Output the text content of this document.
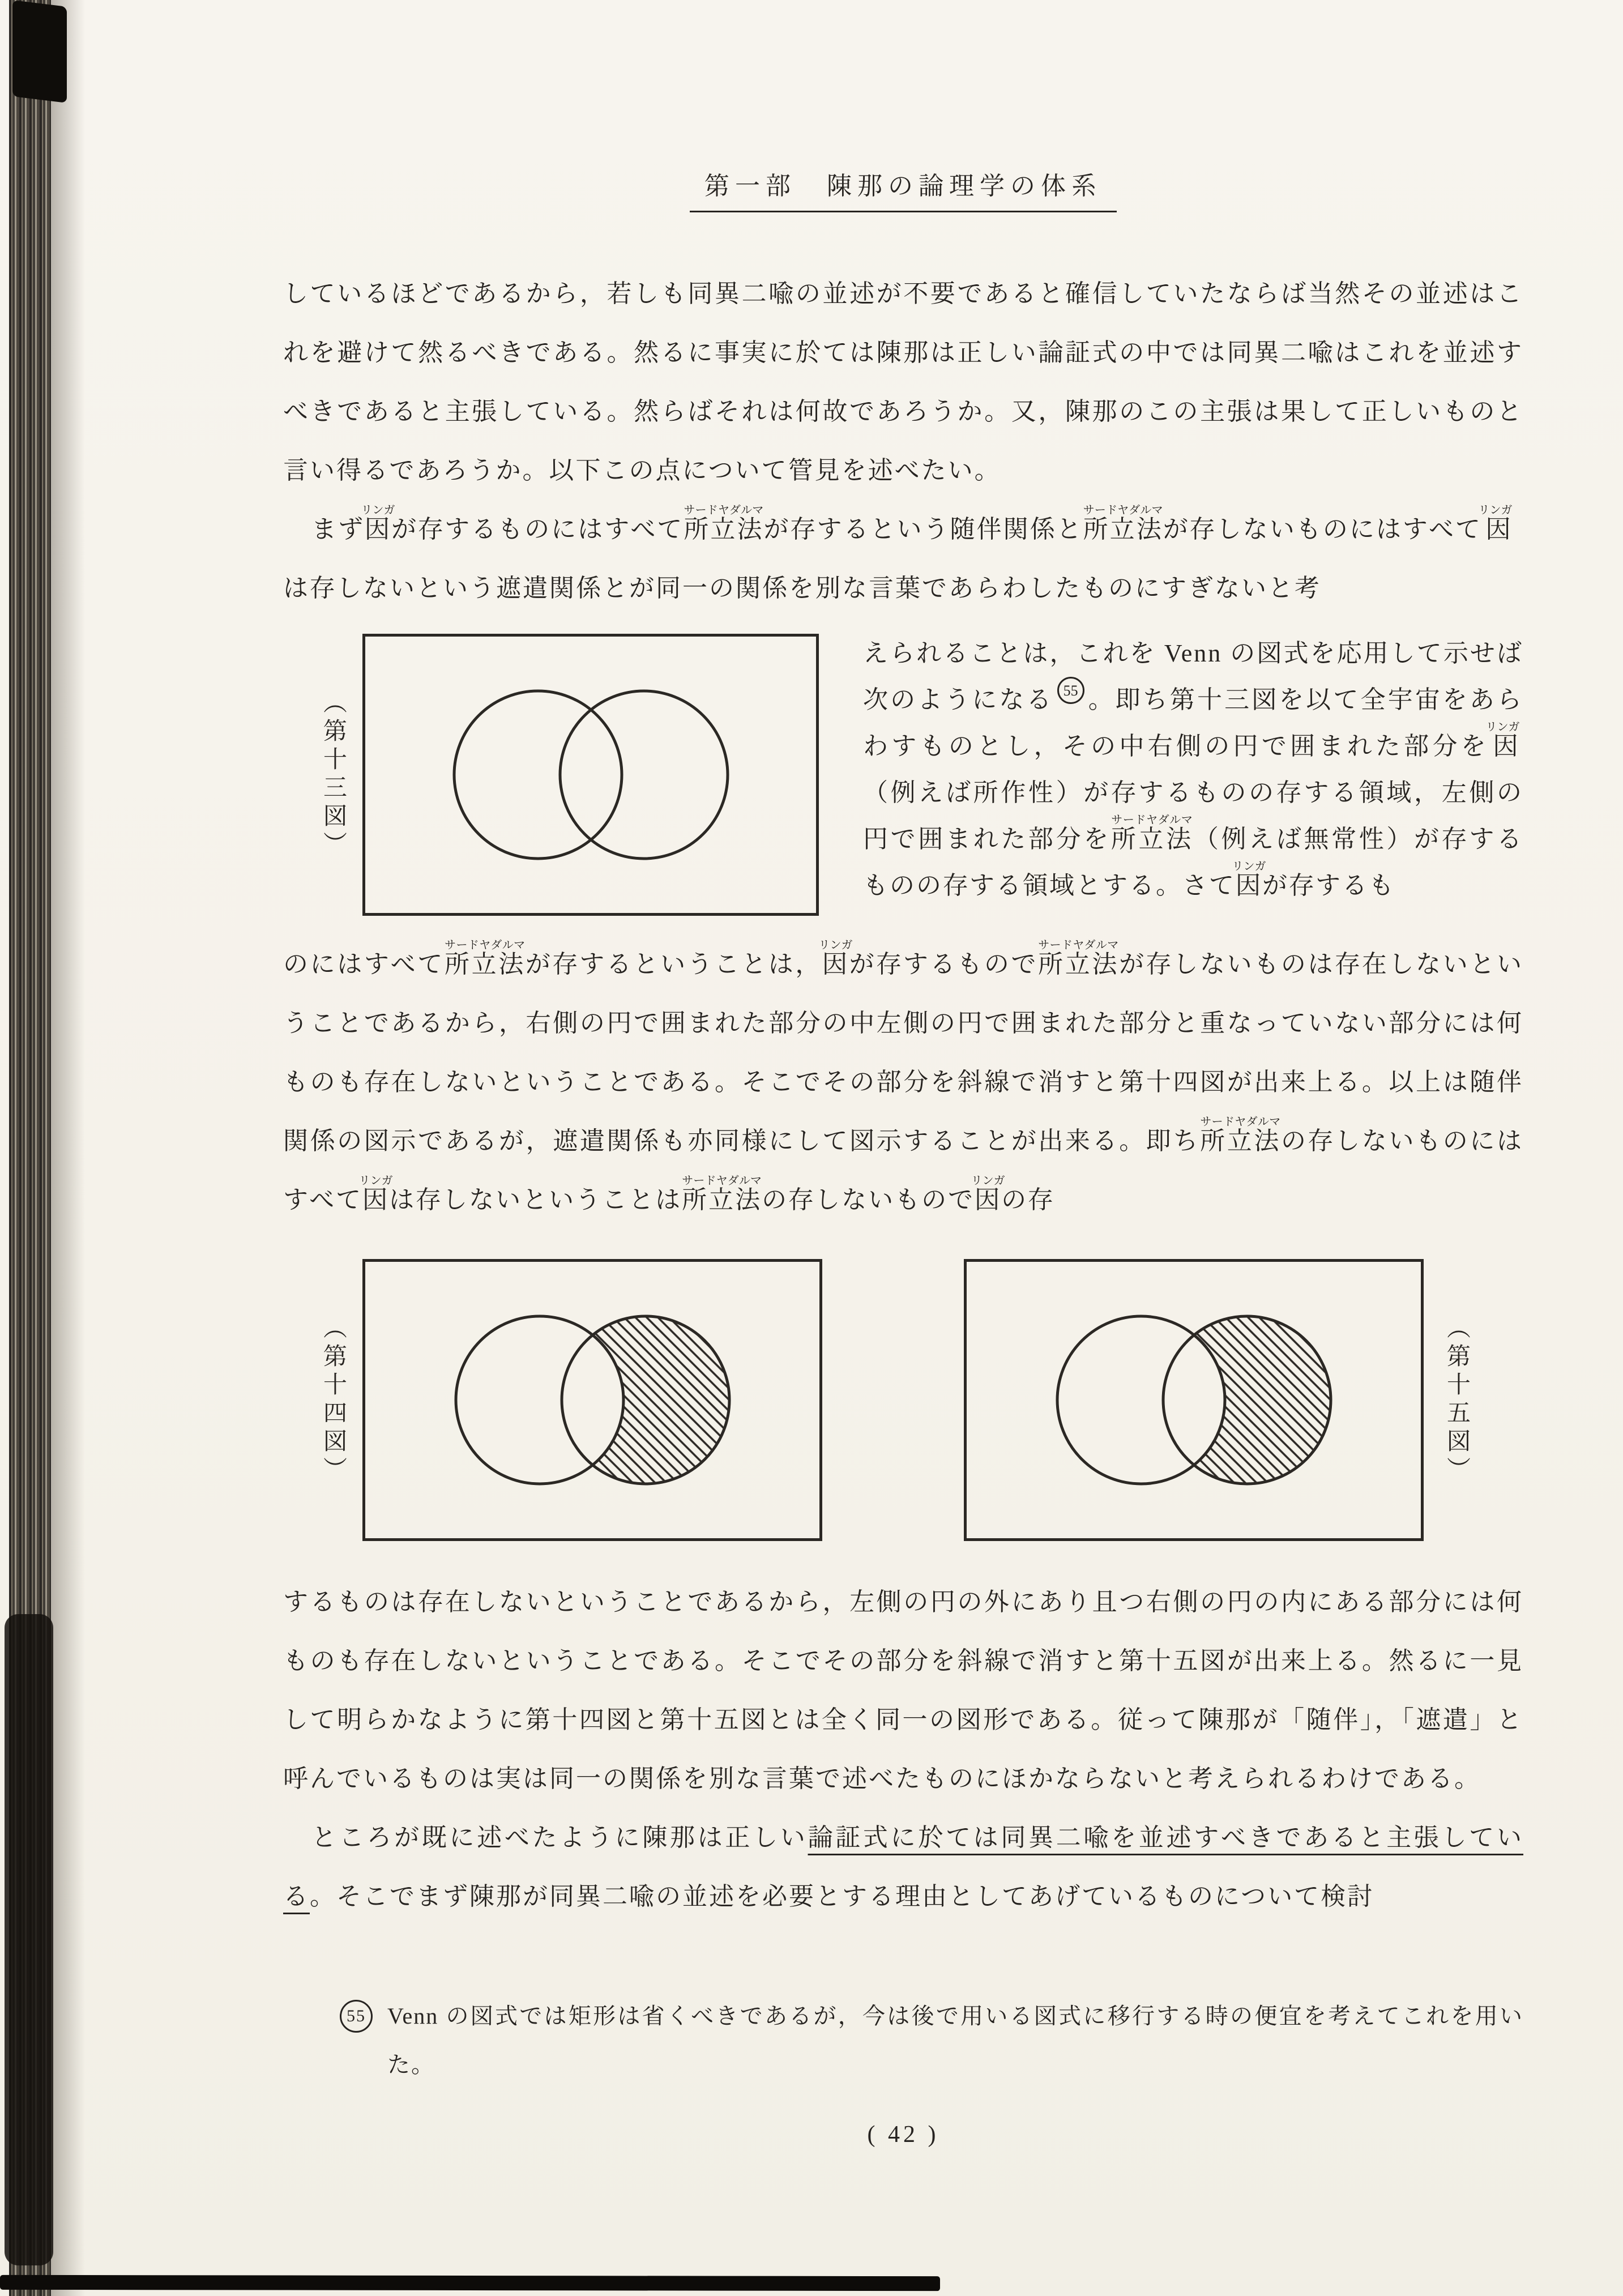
第一部　陳那の論理学の体系

しているほどであるから，若しも同異二喩の並述が不要であると確信していたならば当然その並述はこれを避けて然るべきである。然るに事実に於ては陳那は正しい論証式の中では同異二喩はこれを並述すべきであると主張している。然らばそれは何故であろうか。又，陳那のこの主張は果して正しいものと言い得るであろうか。以下この点について管見を述べたい。

まず因リンガが存するものにはすべて所立法サードヤダルマが存するという随伴関係と所立法サードヤダルマが存しないものにはすべて因リンガは存しないという遮遣関係とが同一の関係を別な言葉であらわしたものにすぎないと考

（第十三図）
えられることは，これを Venn の図式を応用して示せば次のようになる 55 。即ち第十三図を以て全宇宙をあらわすものとし，その中右側の円で囲まれた部分を因リンガ（例えば所作性）が存するものの存する領域，左側の円で囲まれた部分を所立法サードヤダルマ（例えば無常性）が存するものの存する領域とする。さて因リンガが存するも

のにはすべて所立法サードヤダルマが存するということは，因リンガが存するもので所立法サードヤダルマが存しないものは存在しないということであるから，右側の円で囲まれた部分の中左側の円で囲まれた部分と重なっていない部分には何ものも存在しないということである。そこでその部分を斜線で消すと第十四図が出来上る。以上は随伴関係の図示であるが，遮遣関係も亦同様にして図示することが出来る。即ち所立法サードヤダルマの存しないものにはすべて因リンガは存しないということは所立法サードヤダルマの存しないもので因リンガの存

（第十四図）	（第十五図）

するものは存在しないということであるから，左側の円の外にあり且つ右側の円の内にある部分には何ものも存在しないということである。そこでその部分を斜線で消すと第十五図が出来上る。然るに一見して明らかなように第十四図と第十五図とは全く同一の図形である。従って陳那が「随伴」，「遮遣」と呼んでいるものは実は同一の関係を別な言葉で述べたものにほかならないと考えられるわけである。

ところが既に述べたように陳那は正しい論証式に於ては同異二喩を並述すべきであると主張している。そこでまず陳那が同異二喩の並述を必要とする理由としてあげているものについて検討

55 Venn の図式では矩形は省くべきであるが，今は後で用いる図式に移行する時の便宜を考えてこれを用いた。
( 42 )
